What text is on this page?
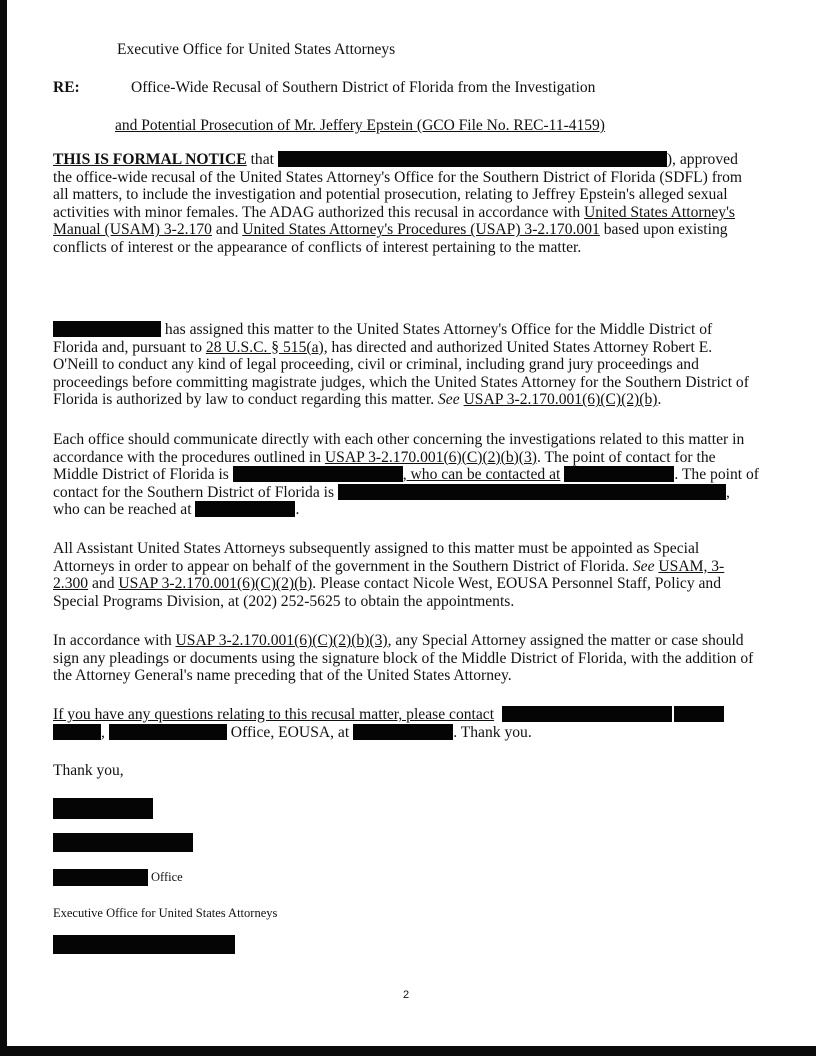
Executive Office for United States Attorneys
RE:	Office-Wide Recusal of Southern District of Florida from the Investigation
and Potential Prosecution of Mr. Jeffery Epstein (GCO File No. REC-11-4159)
THIS IS FORMAL NOTICE that	), approved
the office-wide recusal of the United States Attorney's Office for the Southern District of Florida (SDFL) from
all matters, to include the investigation and potential prosecution, relating to Jeffrey Epstein's alleged sexual
activities with minor females. The ADAG authorized this recusal in accordance with United States Attorney's
Manual (USAM) 3-2.170 and United States Attorney's Procedures (USAP) 3-2.170.001 based upon existing
conflicts of interest or the appearance of conflicts of interest pertaining to the matter.
has assigned this matter to the United States Attorney's Office for the Middle District of
Florida and, pursuant to 28 U.S.C. § 515(a), has directed and authorized United States Attorney Robert E.
O'Neill to conduct any kind of legal proceeding, civil or criminal, including grand jury proceedings and
proceedings before committing magistrate judges, which the United States Attorney for the Southern District of
Florida is authorized by law to conduct regarding this matter. See USAP 3-2.170.001(6)(C)(2)(b).
Each office should communicate directly with each other concerning the investigations related to this matter in
accordance with the procedures outlined in USAP 3-2.170.001(6)(C)(2)(b)(3). The point of contact for the
Middle District of Florida is	, who can be contacted at	. The point of
contact for the Southern District of Florida is	,
who can be reached at	.
All Assistant United States Attorneys subsequently assigned to this matter must be appointed as Special
Attorneys in order to appear on behalf of the government in the Southern District of Florida. See USAM, 3-
2.300 and USAP 3-2.170.001(6)(C)(2)(b). Please contact Nicole West, EOUSA Personnel Staff, Policy and
Special Programs Division, at (202) 252-5625 to obtain the appointments.
In accordance with USAP 3-2.170.001(6)(C)(2)(b)(3), any Special Attorney assigned the matter or case should
sign any pleadings or documents using the signature block of the Middle District of Florida, with the addition of
the Attorney General's name preceding that of the United States Attorney.
If you have any questions relating to this recusal matter, please contact
,	Office, EOUSA, at	. Thank you.
Thank you,
Office
Executive Office for United States Attorneys
2
